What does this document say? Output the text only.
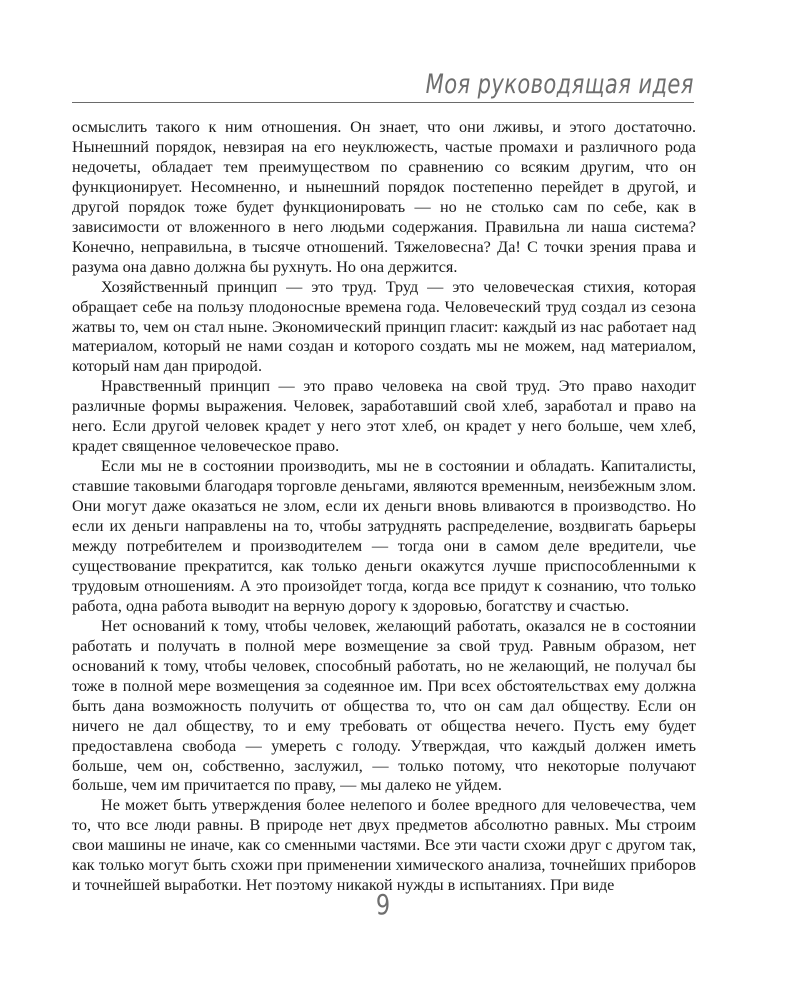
Моя руководящая идея

осмыслить такого к ним отношения. Он знает, что они лживы, и этого достаточно. Нынешний порядок, невзирая на его неуклюжесть, частые промахи и различного рода недочеты, обладает тем преимуществом по сравнению со всяким другим, что он функционирует. Несомненно, и нынешний порядок постепенно перейдет в другой, и другой порядок тоже будет функционировать — но не столько сам по себе, как в зависимости от вложенного в него людьми содержания. Правильна ли наша система? Конечно, неправильна, в тысяче отношений. Тяжеловесна? Да! С точки зрения права и разума она давно должна бы рухнуть. Но она держится.

Хозяйственный принцип — это труд. Труд — это человеческая стихия, которая обращает себе на пользу плодоносные времена года. Человеческий труд создал из сезона жатвы то, чем он стал ныне. Экономический принцип гласит: каждый из нас работает над материалом, который не нами создан и которого создать мы не можем, над материалом, который нам дан природой.

Нравственный принцип — это право человека на свой труд. Это право находит различные формы выражения. Человек, заработавший свой хлеб, заработал и право на него. Если другой человек крадет у него этот хлеб, он крадет у него больше, чем хлеб, крадет священное человеческое право.

Если мы не в состоянии производить, мы не в состоянии и обладать. Капиталисты, ставшие таковыми благодаря торговле деньгами, являются временным, неизбежным злом. Они могут даже оказаться не злом, если их деньги вновь вливаются в производство. Но если их деньги направлены на то, чтобы затруднять распределение, воздвигать барьеры между потребителем и производителем — тогда они в самом деле вредители, чье существование прекратится, как только деньги окажутся лучше приспособленными к трудовым отношениям. А это произойдет тогда, когда все придут к сознанию, что только работа, одна работа выводит на верную дорогу к здоровью, богатству и счастью.

Нет оснований к тому, чтобы человек, желающий работать, оказался не в состоянии работать и получать в полной мере возмещение за свой труд. Равным образом, нет оснований к тому, чтобы человек, способный работать, но не желающий, не получал бы тоже в полной мере возмещения за содеянное им. При всех обстоятельствах ему должна быть дана возможность получить от общества то, что он сам дал обществу. Если он ничего не дал обществу, то и ему требовать от общества нечего. Пусть ему будет предоставлена свобода — умереть с голоду. Утверждая, что каждый должен иметь больше, чем он, собственно, заслужил, — только потому, что некоторые получают больше, чем им причитается по праву, — мы далеко не уйдем.

Не может быть утверждения более нелепого и более вредного для человечества, чем то, что все люди равны. В природе нет двух предметов абсолютно равных. Мы строим свои машины не иначе, как со сменными частями. Все эти части схожи друг с другом так, как только могут быть схожи при применении химического анализа, точнейших приборов и точнейшей выработки. Нет поэтому никакой нужды в испытаниях. При виде

9
